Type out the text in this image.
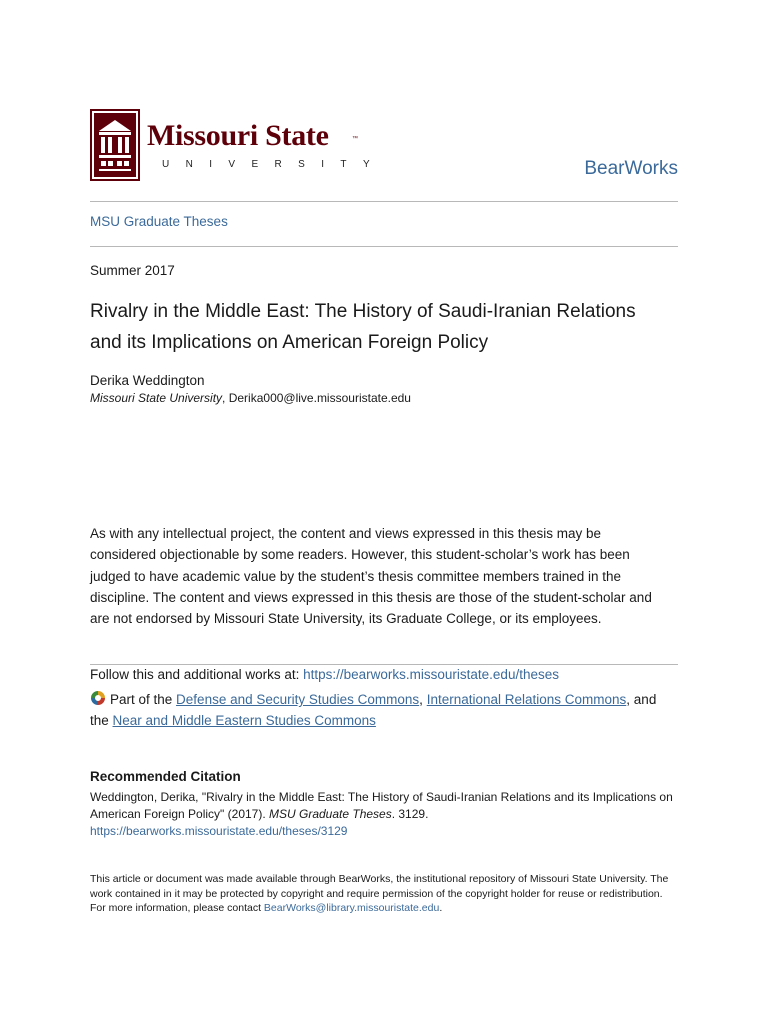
Missouri State	™
UNIVERSITY	BearWorks
MSU Graduate Theses
Summer 2017
Rivalry in the Middle East: The History of Saudi-Iranian Relations
and its Implications on American Foreign Policy
Derika Weddington
Missouri State University, Derika000@live.missouristate.edu
As with any intellectual project, the content and views expressed in this thesis may be considered objectionable by some readers. However, this student-scholar’s work has been judged to have academic value by the student’s thesis committee members trained in the discipline. The content and views expressed in this thesis are those of the student-scholar and are not endorsed by Missouri State University, its Graduate College, or its employees.
Follow this and additional works at: https://bearworks.missouristate.edu/theses
Part of the Defense and Security Studies Commons, International Relations Commons, and the Near and Middle Eastern Studies Commons
Recommended Citation
Weddington, Derika, "Rivalry in the Middle East: The History of Saudi-Iranian Relations and its Implications on American Foreign Policy" (2017). MSU Graduate Theses. 3129.
https://bearworks.missouristate.edu/theses/3129
This article or document was made available through BearWorks, the institutional repository of Missouri State University. The work contained in it may be protected by copyright and require permission of the copyright holder for reuse or redistribution.
For more information, please contact BearWorks@library.missouristate.edu.
